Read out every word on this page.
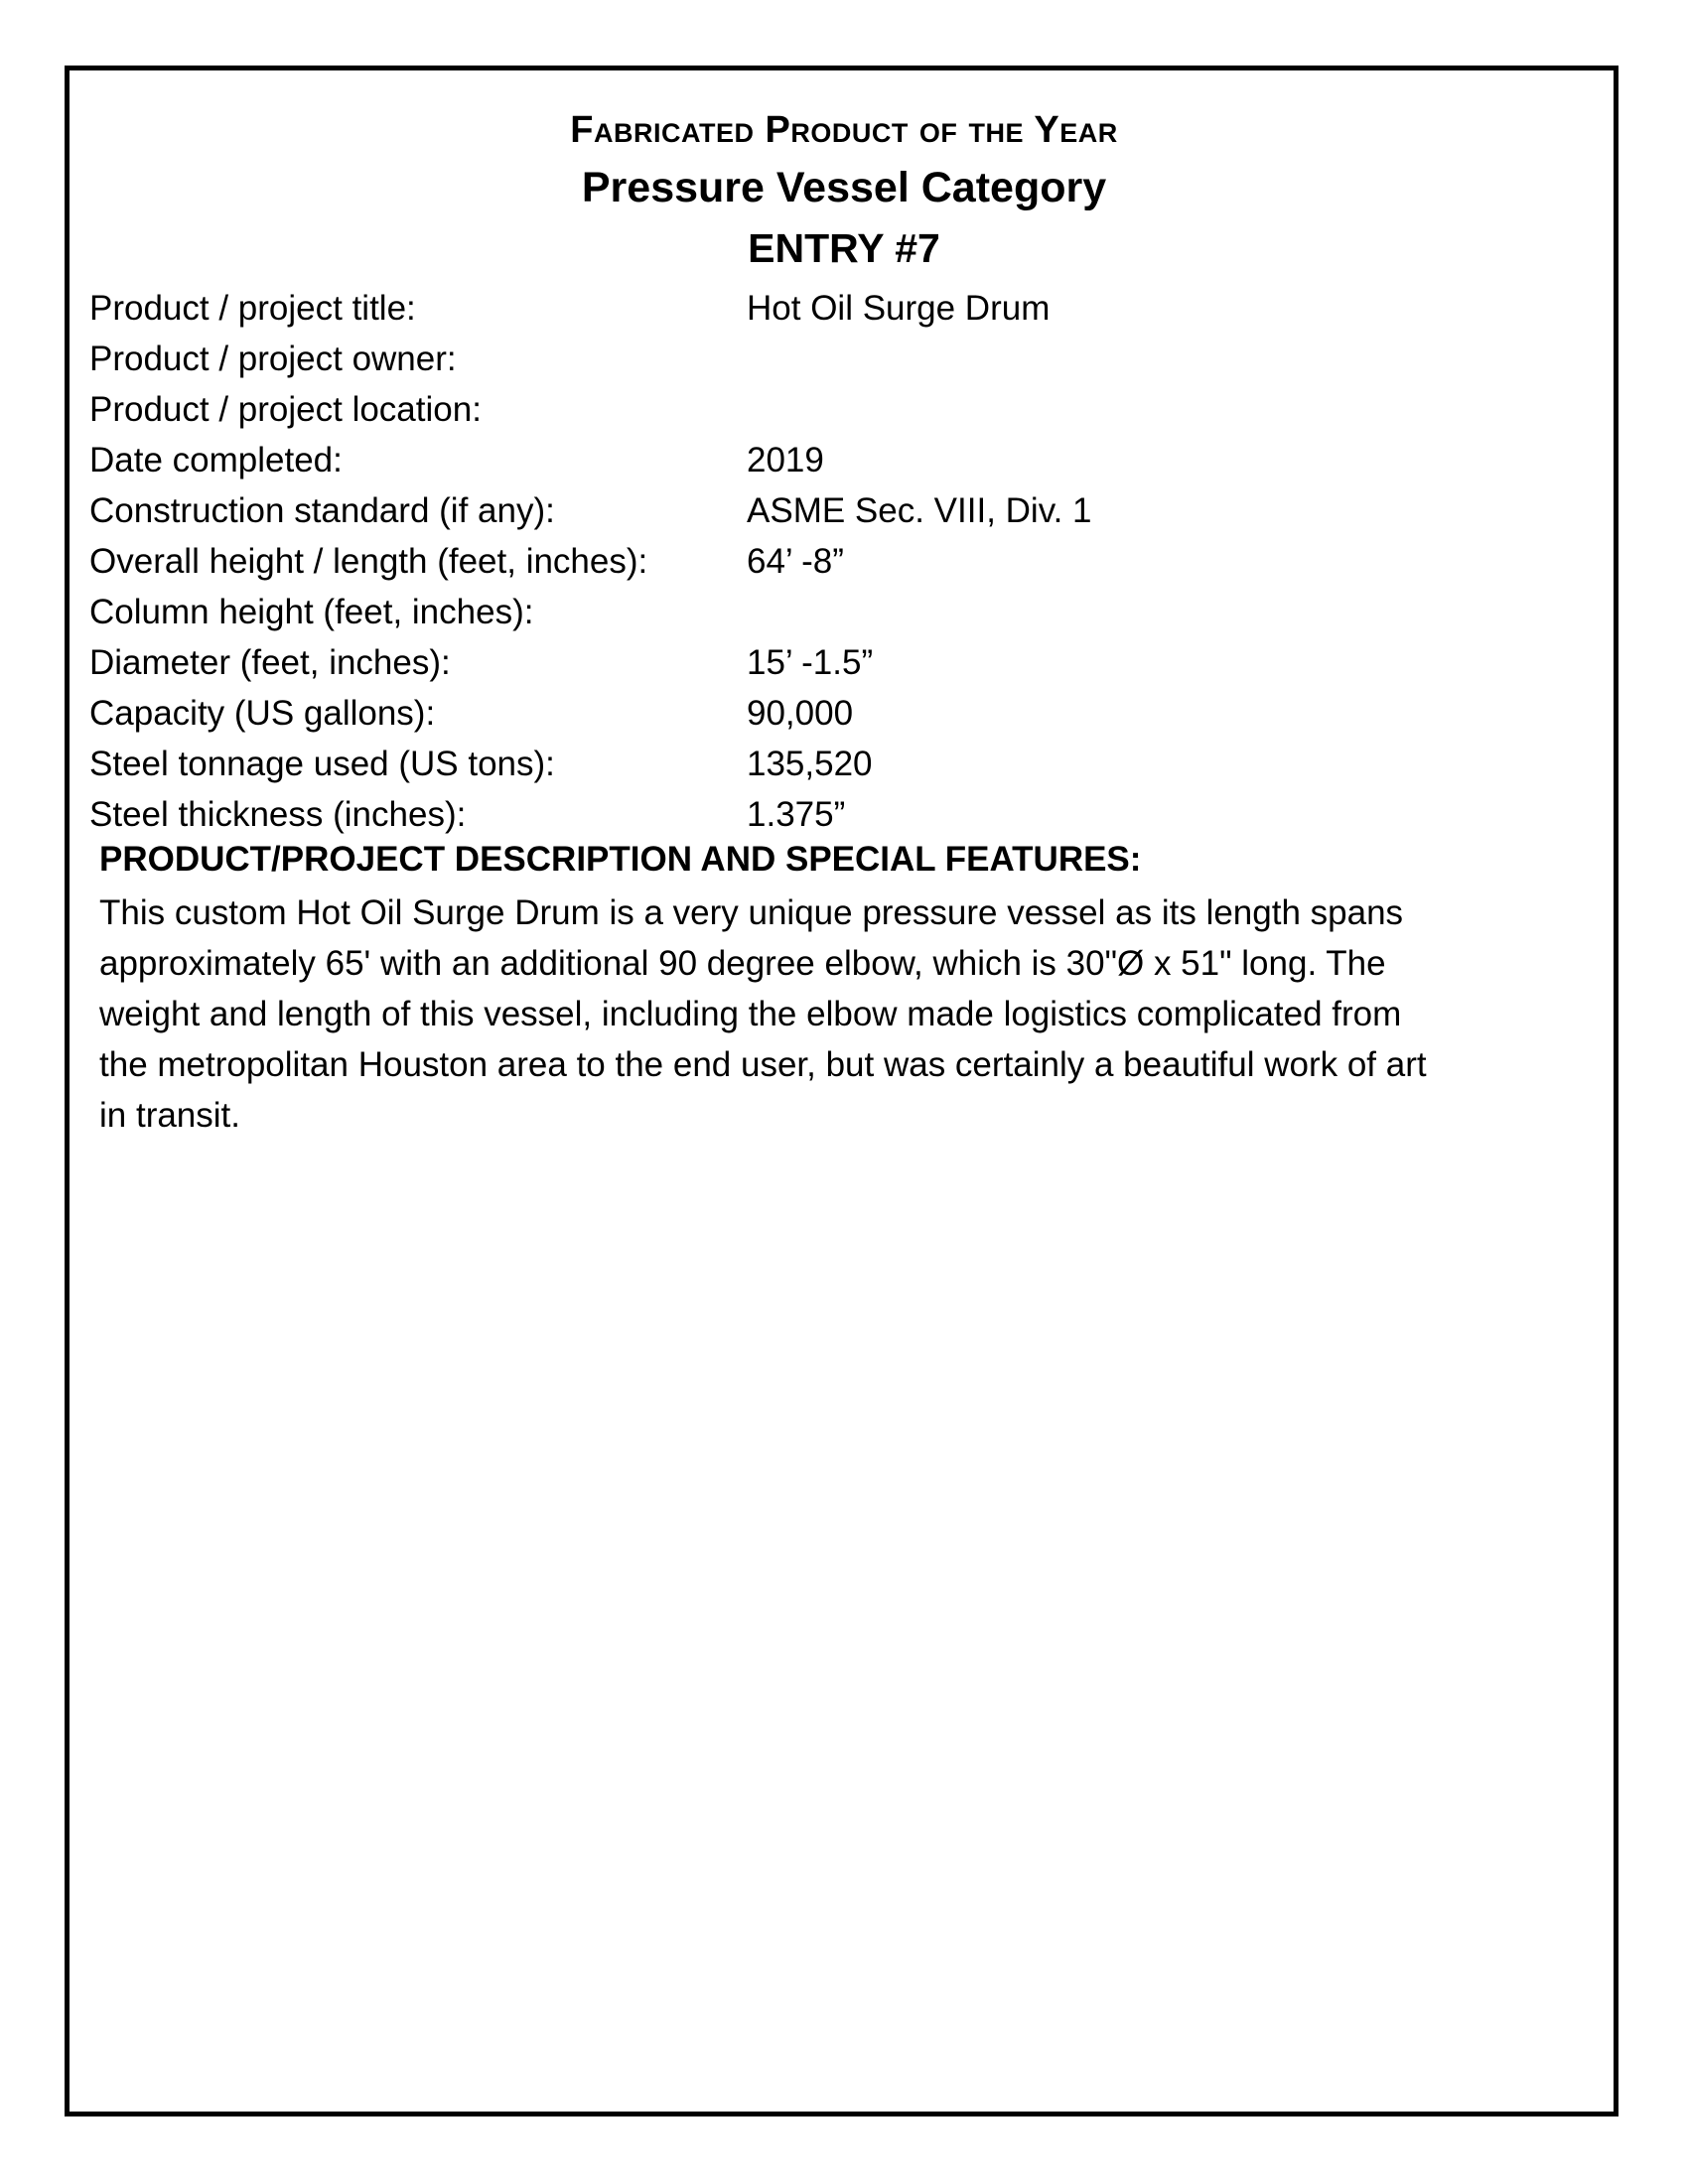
Fabricated Product of the Year
Pressure Vessel Category
ENTRY #7
Product / project title:	Hot Oil Surge Drum
Product / project owner:
Product / project location:
Date completed:	2019
Construction standard (if any):	ASME Sec. VIII, Div. 1
Overall height / length (feet, inches):	64’ -8”
Column height (feet, inches):
Diameter (feet, inches):	15’ -1.5”
Capacity (US gallons):	90,000
Steel tonnage used (US tons):	135,520
Steel thickness (inches):	1.375”
PRODUCT/PROJECT DESCRIPTION AND SPECIAL FEATURES:
This custom Hot Oil Surge Drum is a very unique pressure vessel as its length spans
approximately 65' with an additional 90 degree elbow, which is 30"Ø x 51" long. The
weight and length of this vessel, including the elbow made logistics complicated from
the metropolitan Houston area to the end user, but was certainly a beautiful work of art
in transit.
